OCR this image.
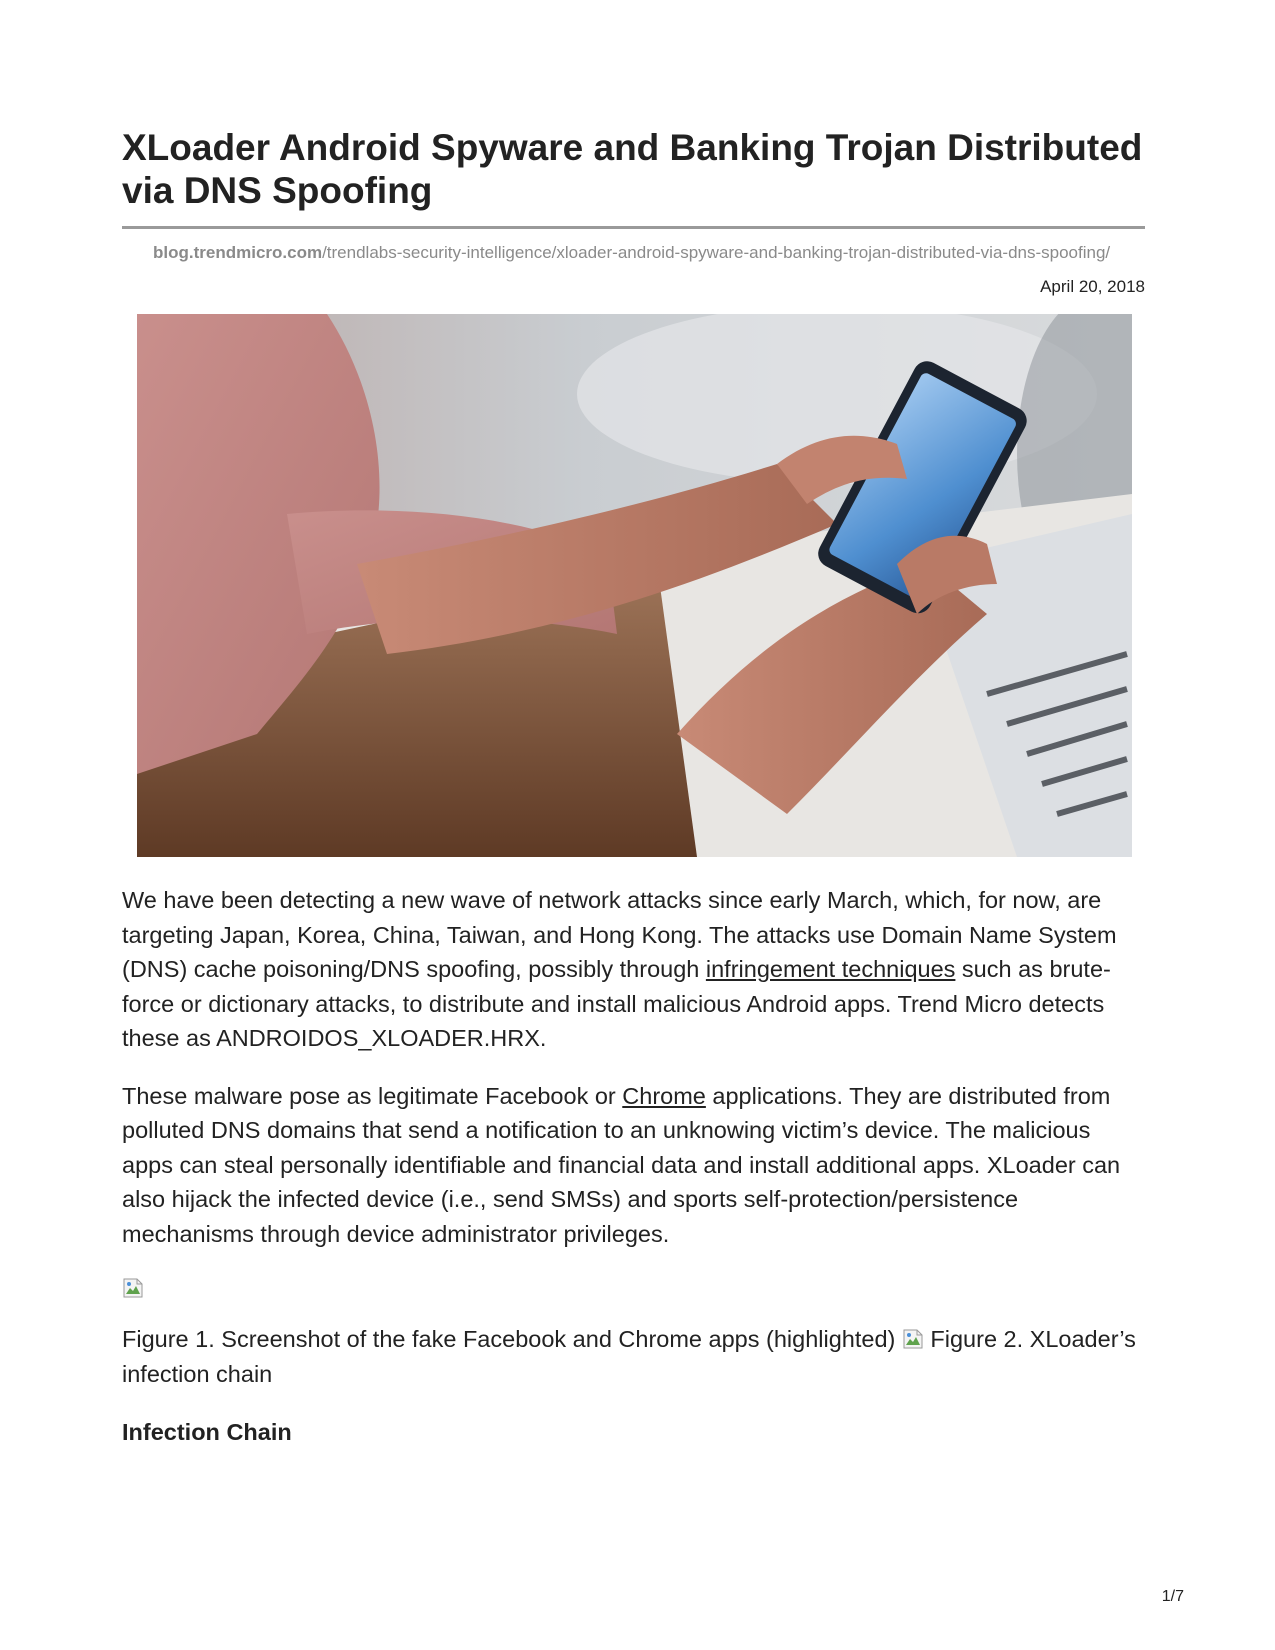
XLoader Android Spyware and Banking Trojan Distributed via DNS Spoofing
blog.trendmicro.com/trendlabs-security-intelligence/xloader-android-spyware-and-banking-trojan-distributed-via-dns-spoofing/
April 20, 2018

We have been detecting a new wave of network attacks since early March, which, for now, are targeting Japan, Korea, China, Taiwan, and Hong Kong. The attacks use Domain Name System (DNS) cache poisoning/DNS spoofing, possibly through infringement techniques such as brute-force or dictionary attacks, to distribute and install malicious Android apps. Trend Micro detects these as ANDROIDOS_XLOADER.HRX.

These malware pose as legitimate Facebook or Chrome applications. They are distributed from polluted DNS domains that send a notification to an unknowing victim’s device. The malicious apps can steal personally identifiable and financial data and install additional apps. XLoader can also hijack the infected device (i.e., send SMSs) and sports self-protection/persistence mechanisms through device administrator privileges.

Figure 1. Screenshot of the fake Facebook and Chrome apps (highlighted)  Figure 2. XLoader’s infection chain

Infection Chain
1/7
